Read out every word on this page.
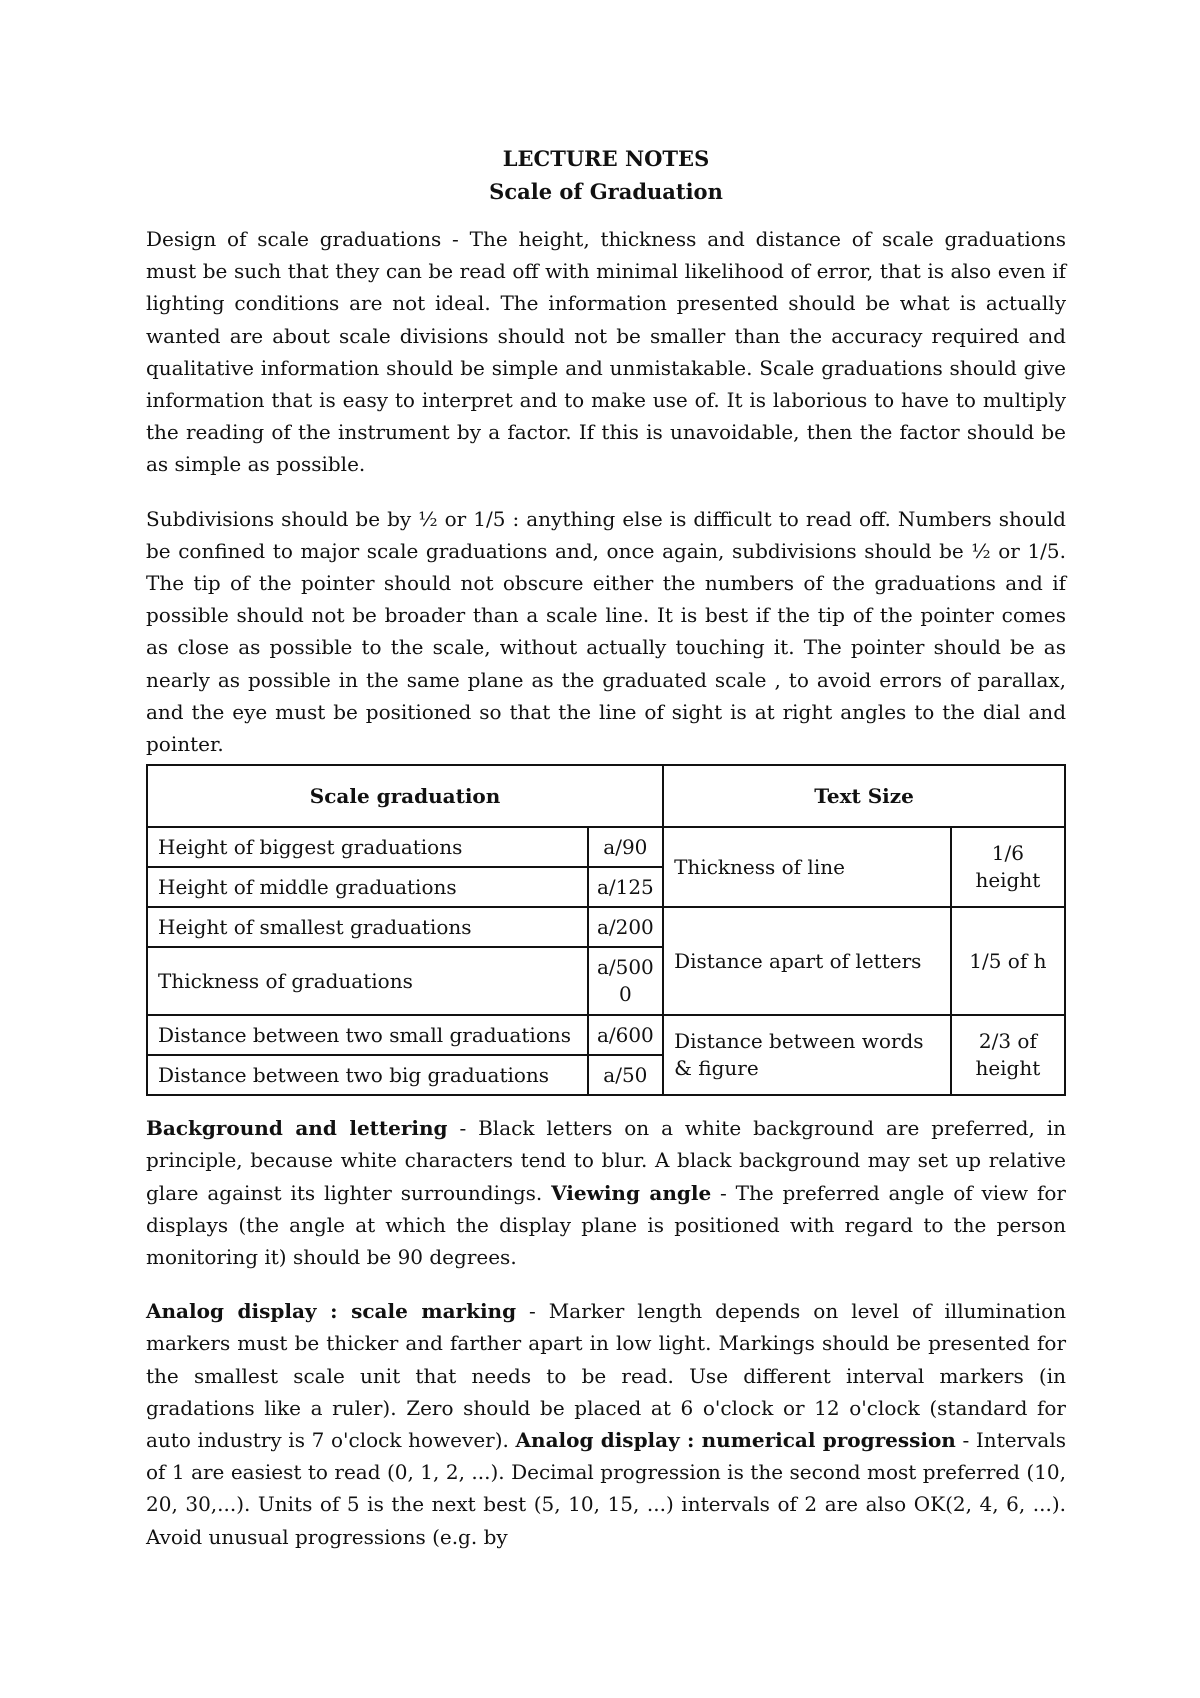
LECTURE NOTES
Scale of Graduation

Design of scale graduations - The height, thickness and distance of scale graduations must be such that they can be read off with minimal likelihood of error, that is also even if lighting conditions are not ideal. The information presented should be what is actually wanted are about scale divisions should not be smaller than the accuracy required and qualitative information should be simple and unmistakable. Scale graduations should give information that is easy to interpret and to make use of. It is laborious to have to multiply the reading of the instrument by a factor. If this is unavoidable, then the factor should be as simple as possible.

Subdivisions should be by ½ or 1/5 : anything else is difficult to read off. Numbers should be confined to major scale graduations and, once again, subdivisions should be ½ or 1/5. The tip of the pointer should not obscure either the numbers of the graduations and if possible should not be broader than a scale line. It is best if the tip of the pointer comes as close as possible to the scale, without actually touching it. The pointer should be as nearly as possible in the same plane as the graduated scale , to avoid errors of parallax, and the eye must be positioned so that the line of sight is at right angles to the dial and pointer.

Scale graduation		Text Size	
Height of biggest graduations	a/90	Thickness of line	1/6 height
Height of middle graduations	a/125		
Height of smallest graduations	a/200	Distance apart of letters	1/5 of h
Thickness of graduations	a/5000		
Distance between two small graduations	a/600	Distance between words & figure	2/3 of height
Distance between two big graduations	a/50		

Background and lettering - Black letters on a white background are preferred, in principle, because white characters tend to blur. A black background may set up relative glare against its lighter surroundings. Viewing angle - The preferred angle of view for displays (the angle at which the display plane is positioned with regard to the person monitoring it) should be 90 degrees.

Analog display : scale marking - Marker length depends on level of illumination markers must be thicker and farther apart in low light. Markings should be presented for the smallest scale unit that needs to be read. Use different interval markers (in gradations like a ruler). Zero should be placed at 6 o'clock or 12 o'clock (standard for auto industry is 7 o'clock however). Analog display : numerical progression - Intervals of 1 are easiest to read (0, 1, 2, ...). Decimal progression is the second most preferred (10, 20, 30,...). Units of 5 is the next best (5, 10, 15, ...) intervals of 2 are also OK(2, 4, 6, ...). Avoid unusual progressions (e.g. by
